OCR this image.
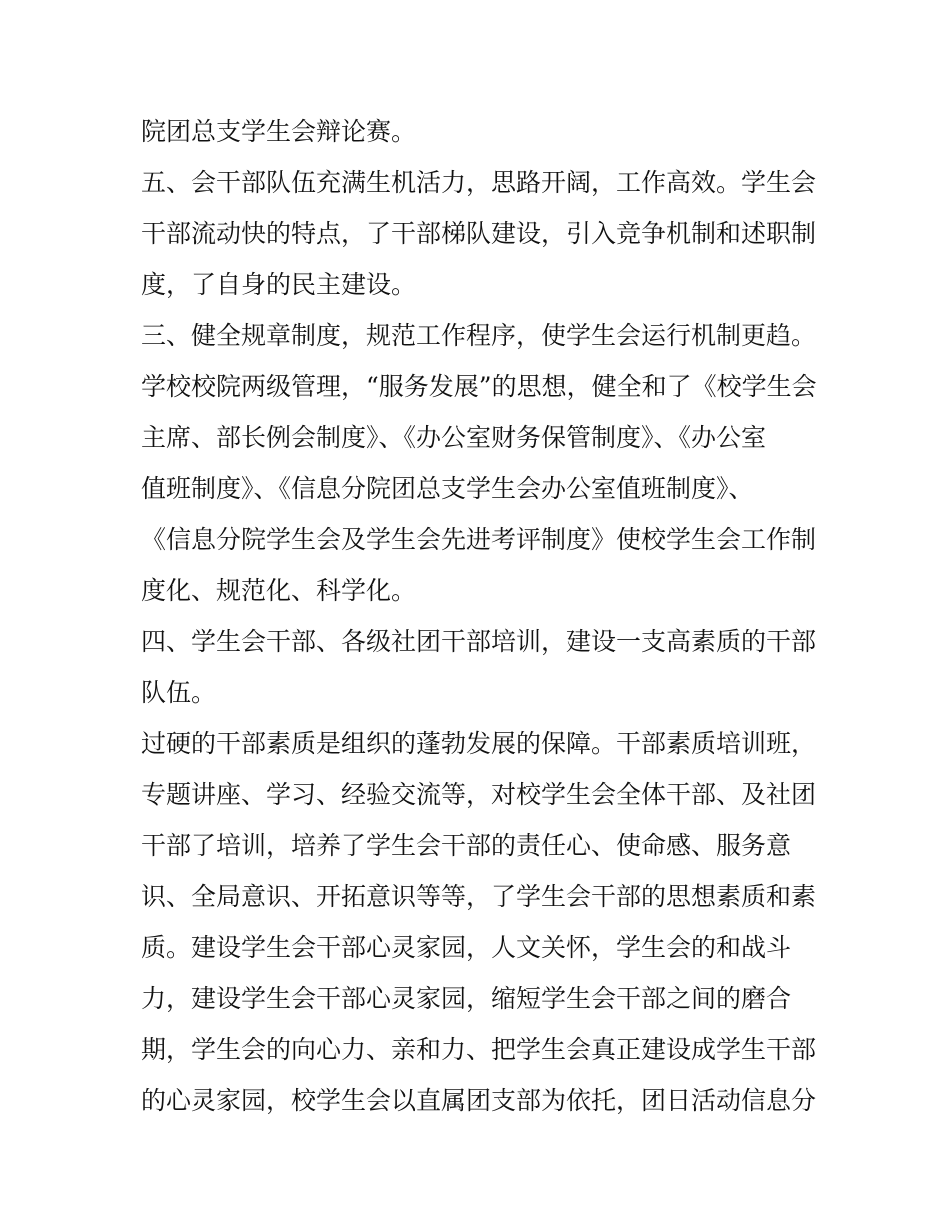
院团总支学生会辩论赛。
五、会干部队伍充满生机活力，思路开阔，工作高效。学生会
干部流动快的特点，了干部梯队建设，引入竞争机制和述职制
度，了自身的民主建设。
三、健全规章制度，规范工作程序，使学生会运行机制更趋。
学校校院两级管理，“服务发展”的思想，健全和了《校学生会
主席、部长例会制度》、《办公室财务保管制度》、《办公室
值班制度》、《信息分院团总支学生会办公室值班制度》、
《信息分院学生会及学生会先进考评制度》使校学生会工作制
度化、规范化、科学化。
四、学生会干部、各级社团干部培训，建设一支高素质的干部
队伍。
过硬的干部素质是组织的蓬勃发展的保障。干部素质培训班，
专题讲座、学习、经验交流等，对校学生会全体干部、及社团
干部了培训，培养了学生会干部的责任心、使命感、服务意
识、全局意识、开拓意识等等，了学生会干部的思想素质和素
质。建设学生会干部心灵家园，人文关怀，学生会的和战斗
力，建设学生会干部心灵家园，缩短学生会干部之间的磨合
期，学生会的向心力、亲和力、把学生会真正建设成学生干部
的心灵家园，校学生会以直属团支部为依托，团日活动信息分
